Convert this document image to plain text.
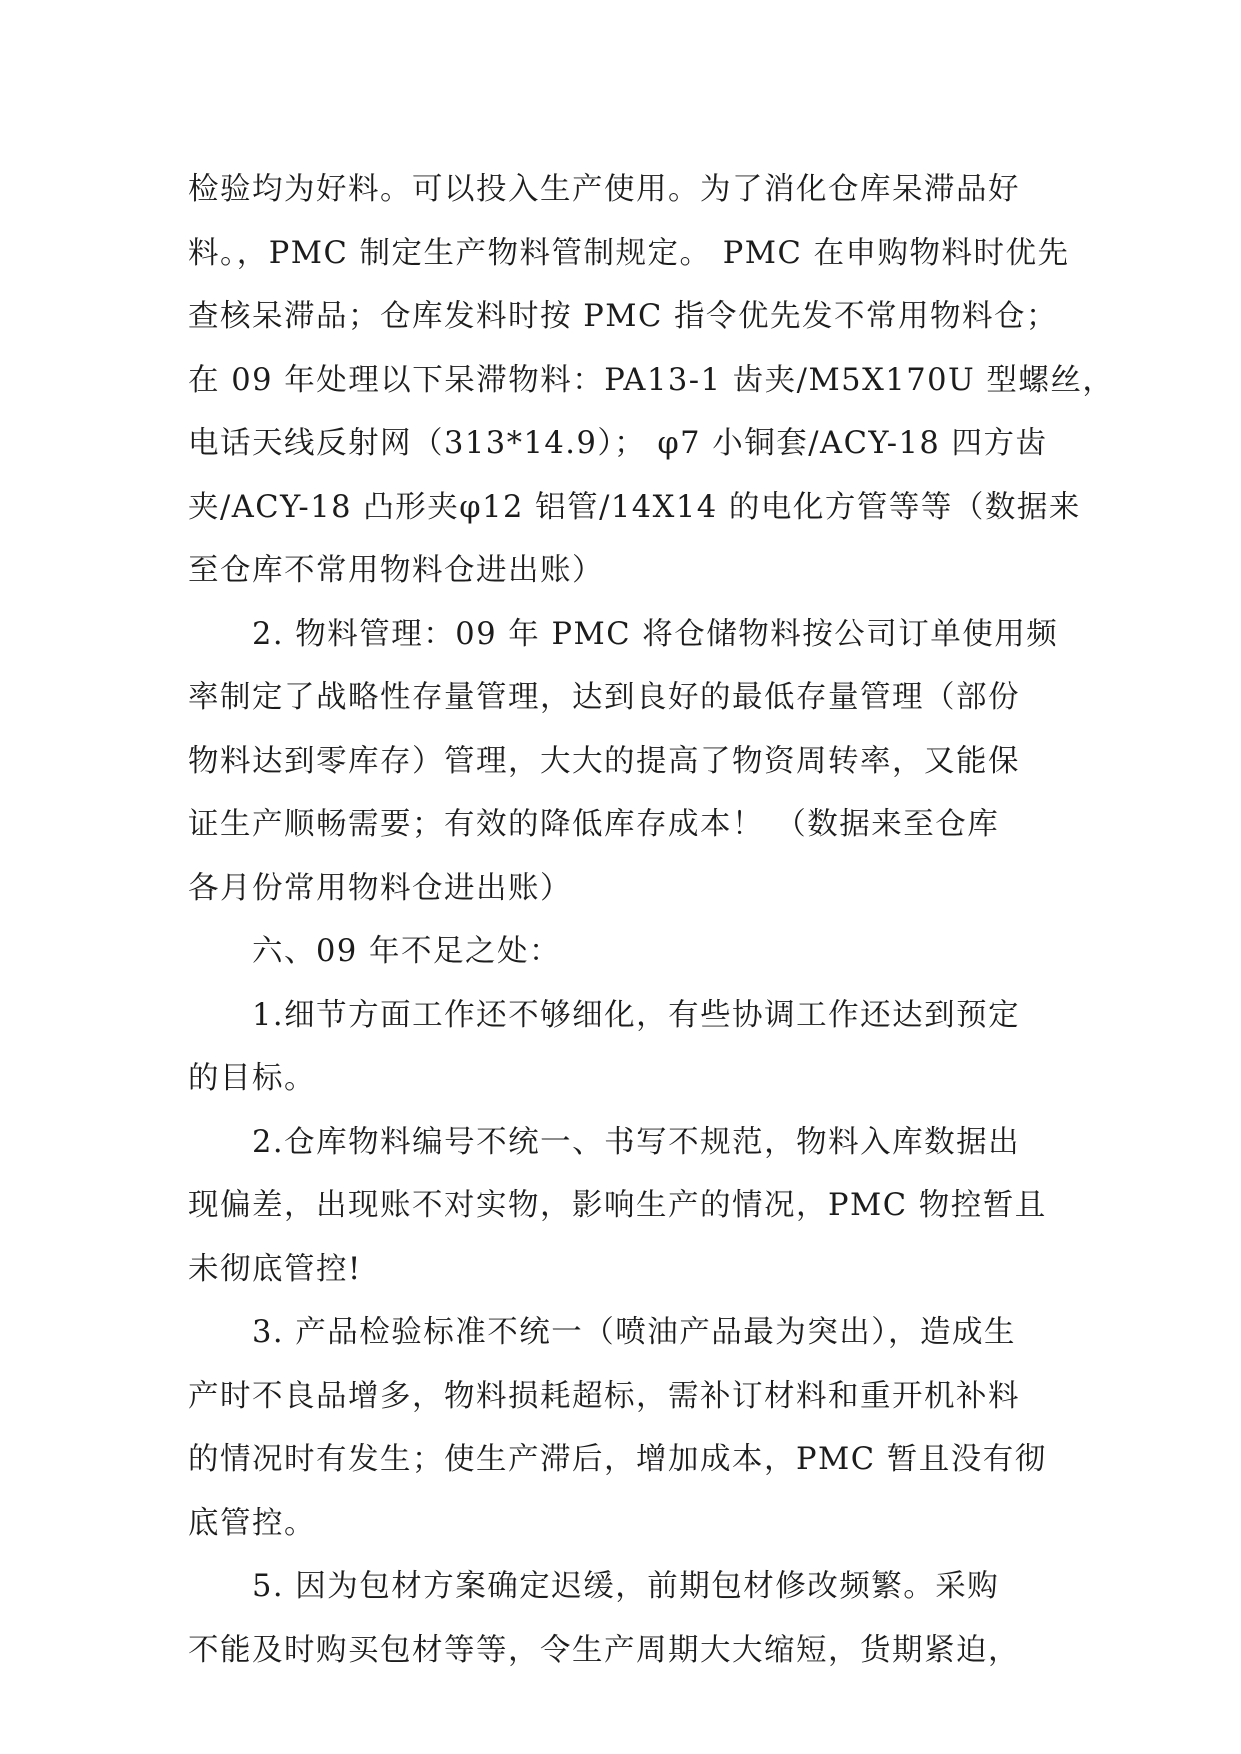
检验均为好料。可以投入生产使用。为了消化仓库呆滞品好
料。，PMC 制定生产物料管制规定。 PMC 在申购物料时优先
查核呆滞品；仓库发料时按 PMC 指令优先发不常用物料仓；
在 09 年处理以下呆滞物料：PA13-1 齿夹/M5X170U 型螺丝，
电话天线反射网（313*14.9）； φ7 小铜套/ACY-18 四方齿
夹/ACY-18 凸形夹φ12 铝管/14X14 的电化方管等等（数据来
至仓库不常用物料仓进出账）
2. 物料管理：09 年 PMC 将仓储物料按公司订单使用频
率制定了战略性存量管理，达到良好的最低存量管理（部份
物料达到零库存）管理，大大的提高了物资周转率，又能保
证生产顺畅需要；有效的降低库存成本！ （数据来至仓库
各月份常用物料仓进出账）
六、09 年不足之处：
1.细节方面工作还不够细化，有些协调工作还达到预定
的目标。
2.仓库物料编号不统一、书写不规范，物料入库数据出
现偏差，出现账不对实物，影响生产的情况，PMC 物控暂且
未彻底管控!
3. 产品检验标准不统一（喷油产品最为突出），造成生
产时不良品增多，物料损耗超标，需补订材料和重开机补料
的情况时有发生；使生产滞后，增加成本，PMC 暂且没有彻
底管控。
5. 因为包材方案确定迟缓，前期包材修改频繁。采购
不能及时购买包材等等，令生产周期大大缩短，货期紧迫，
